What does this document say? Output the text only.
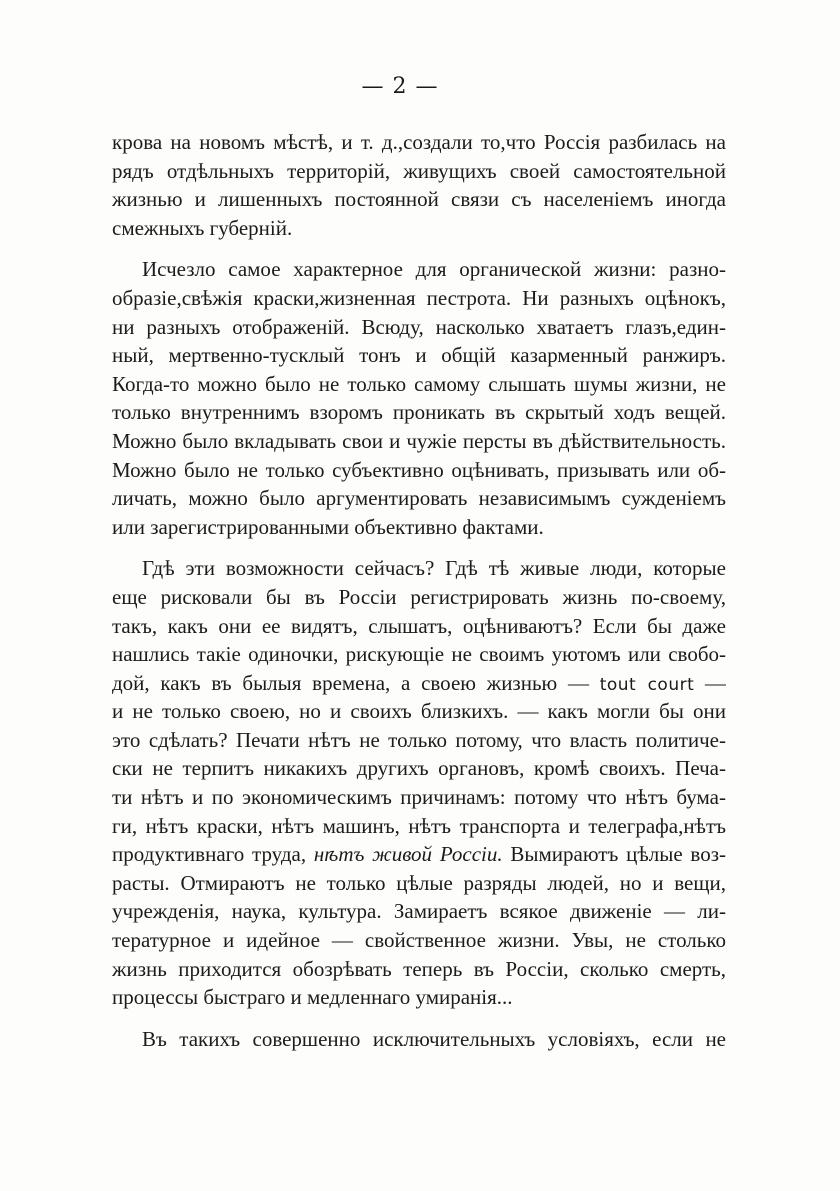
— 2 —

крова на новомъ мѣстѣ, и т. д.,создали то,что Россія разбилась на
рядъ отдѣльныхъ территорій, живущихъ своей самостоятельной
жизнью и лишенныхъ постоянной связи съ населеніемъ иногда
смежныхъ губерній.

Исчезло самое характерное для органической жизни: разно-
образіе,свѣжія краски,жизненная пестрота. Ни разныхъ оцѣнокъ,
ни разныхъ отображеній. Всюду, насколько хватаетъ глазъ,един-
ный, мертвенно-тусклый тонъ и общій казарменный ранжиръ.
Когда-то можно было не только самому слышать шумы жизни, не
только внутреннимъ взоромъ проникать въ скрытый ходъ вещей.
Можно было вкладывать свои и чужіе персты въ дѣйствительность.
Можно было не только субъективно оцѣнивать, призывать или об-
личать, можно было аргументировать независимымъ сужденіемъ
или зарегистрированными объективно фактами.

Гдѣ эти возможности сейчасъ? Гдѣ тѣ живые люди, которые
еще рисковали бы въ Россіи регистрировать жизнь по-своему,
такъ, какъ они ее видятъ, слышатъ, оцѣниваютъ? Если бы даже
нашлись такіе одиночки, рискующіе не своимъ уютомъ или свобо-
дой, какъ въ былыя времена, а своею жизнью — tout court —
и не только своею, но и своихъ близкихъ. — какъ могли бы они
это сдѣлать? Печати нѣтъ не только потому, что власть политиче-
ски не терпитъ никакихъ другихъ органовъ, кромѣ своихъ. Печа-
ти нѣтъ и по экономическимъ причинамъ: потому что нѣтъ бума-
ги, нѣтъ краски, нѣтъ машинъ, нѣтъ транспорта и телеграфа,нѣтъ
продуктивнаго труда, нѣтъ живой Россіи. Вымираютъ цѣлые воз-
расты. Отмираютъ не только цѣлые разряды людей, но и вещи,
учрежденія, наука, культура. Замираетъ всякое движеніе — ли-
тературное и идейное — свойственное жизни. Увы, не столько
жизнь приходится обозрѣвать теперь въ Россіи, сколько смерть,
процессы быстраго и медленнаго умиранія...

Въ такихъ совершенно исключительныхъ условіяхъ, если не
